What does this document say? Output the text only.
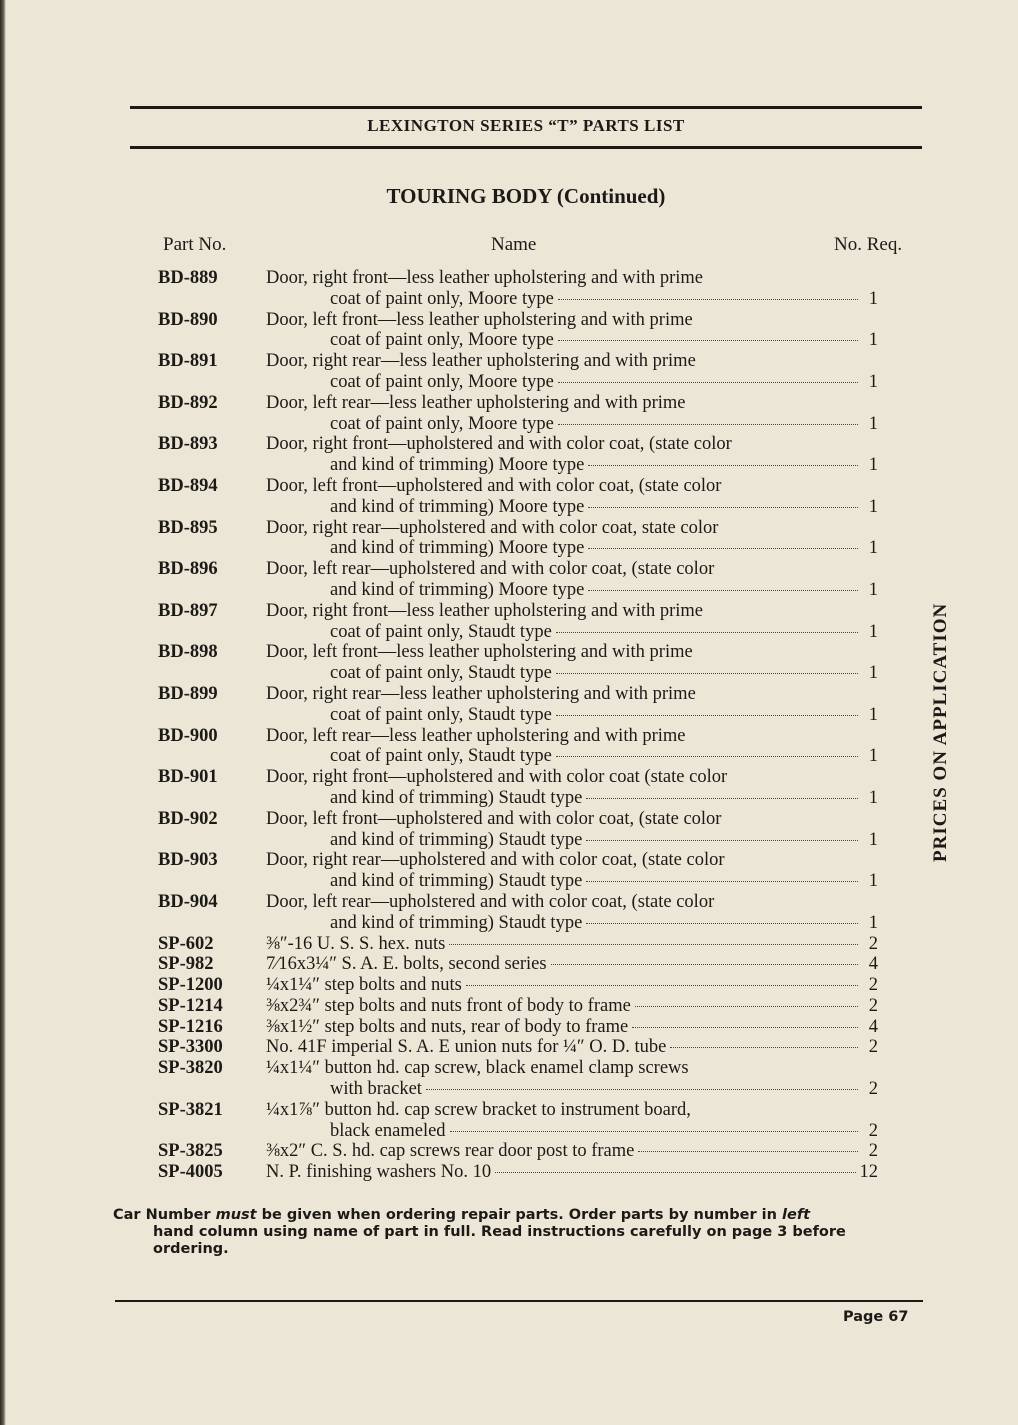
LEXINGTON SERIES “T” PARTS LIST
TOURING BODY (Continued)
Part No.	Name	No. Req.
BD-889	Door, right front—less leather upholstering and with prime
coat of paint only, Moore type	1
BD-890	Door, left front—less leather upholstering and with prime
coat of paint only, Moore type	1
BD-891	Door, right rear—less leather upholstering and with prime
coat of paint only, Moore type	1
BD-892	Door, left rear—less leather upholstering and with prime
coat of paint only, Moore type	1
BD-893	Door, right front—upholstered and with color coat, (state color
and kind of trimming) Moore type	1
BD-894	Door, left front—upholstered and with color coat, (state color
and kind of trimming) Moore type	1
BD-895	Door, right rear—upholstered and with color coat, state color
and kind of trimming) Moore type	1
BD-896	Door, left rear—upholstered and with color coat, (state color
and kind of trimming) Moore type	1
BD-897	Door, right front—less leather upholstering and with prime
coat of paint only, Staudt type	1
BD-898	Door, left front—less leather upholstering and with prime
coat of paint only, Staudt type	1
BD-899	Door, right rear—less leather upholstering and with prime
coat of paint only, Staudt type	1
BD-900	Door, left rear—less leather upholstering and with prime
coat of paint only, Staudt type	1
BD-901	Door, right front—upholstered and with color coat (state color
and kind of trimming) Staudt type	1
BD-902	Door, left front—upholstered and with color coat, (state color
and kind of trimming) Staudt type	1
BD-903	Door, right rear—upholstered and with color coat, (state color
and kind of trimming) Staudt type	1
BD-904	Door, left rear—upholstered and with color coat, (state color
and kind of trimming) Staudt type	1
SP-602	⅜″-16 U. S. S. hex. nuts	2
SP-982	7⁄16x3¼″ S. A. E. bolts, second series	4
SP-1200	¼x1¼″ step bolts and nuts	2
SP-1214	⅜x2¾″ step bolts and nuts front of body to frame	2
SP-1216	⅜x1½″ step bolts and nuts, rear of body to frame	4
SP-3300	No. 41F imperial S. A. E union nuts for ¼″ O. D. tube	2
SP-3820	¼x1¼″ button hd. cap screw, black enamel clamp screws
with bracket	2
SP-3821	¼x1⅞″ button hd. cap screw bracket to instrument board,
black enameled	2
SP-3825	⅜x2″ C. S. hd. cap screws rear door post to frame	2
SP-4005	N. P. finishing washers No. 10	12
PRICES ON APPLICATION
Car Number must be given when ordering repair parts. Order parts by number in left
hand column using name of part in full. Read instructions carefully on page 3 before
ordering.
Page 67
